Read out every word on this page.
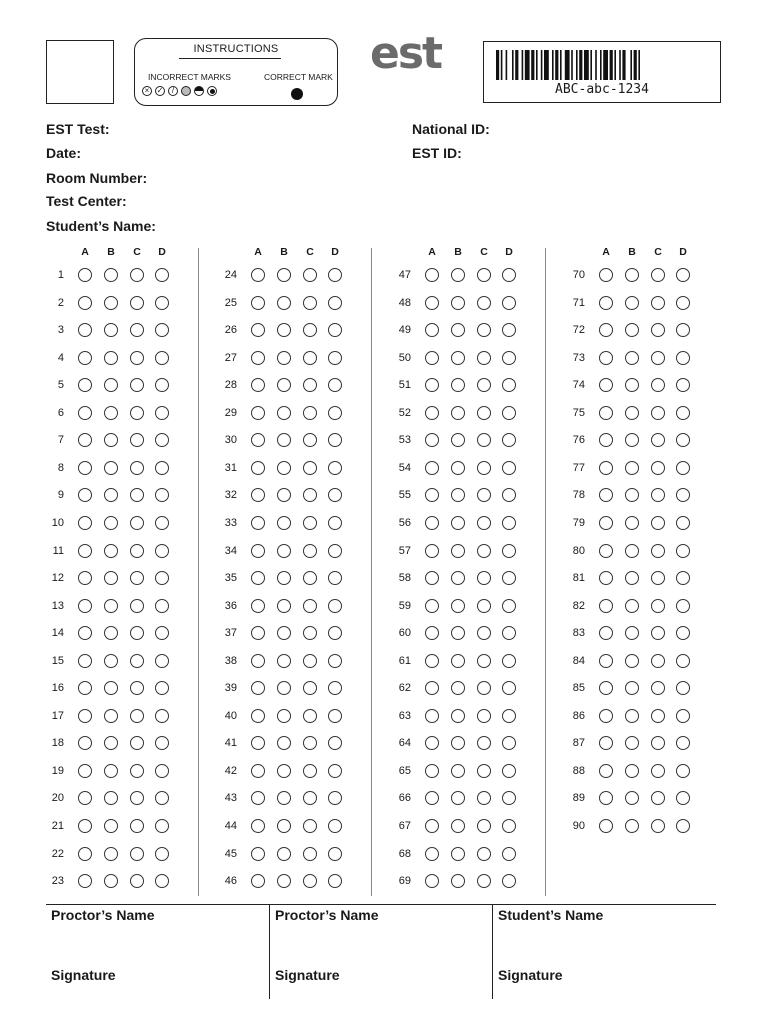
INSTRUCTIONS
INCORRECT MARKS	CORRECT MARK
× ✓	/
est
ABC-abc-1234
EST Test:
Date:
Room Number:
Test Center:
Student’s Name:
National ID:
EST ID:
A B C D
1
2
3
4
5
6
7
8
9
10
11
12
13
14
15
16
17
18
19
20
21
22
23
A B C D
24
25
26
27
28
29
30
31
32
33
34
35
36
37
38
39
40
41
42
43
44
45
46
A B C D
47
48
49
50
51
52
53
54
55
56
57
58
59
60
61
62
63
64
65
66
67
68
69
A B C D
70
71
72
73
74
75
76
77
78
79
80
81
82
83
84
85
86
87
88
89
90
Proctor’s Name
Signature
Proctor’s Name
Signature
Student’s Name
Signature
